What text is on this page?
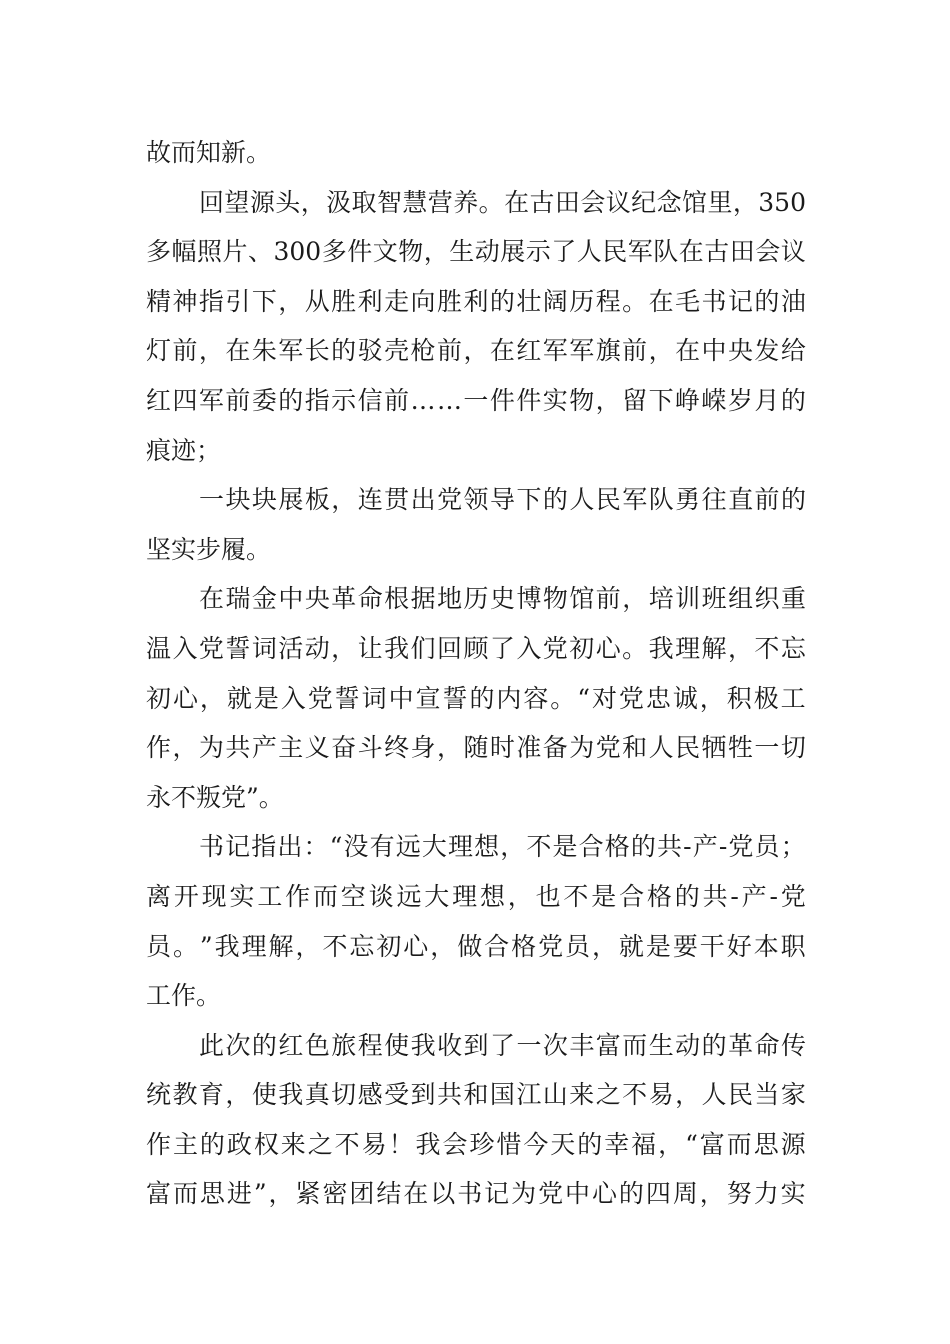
故而知新。
回 望 源 头 ， 汲 取 智 慧 营 养 。 在 古 田 会 议 纪 念 馆 里 ， 350
多 幅 照 片 、 300 多 件 文 物 ， 生 动 展 示 了 人 民 军 队 在 古 田 会 议
精 神 指 引 下 ， 从 胜 利 走 向 胜 利 的 壮 阔 历 程 。 在 毛 书 记 的 油
灯 前 ， 在 朱 军 长 的 驳 壳 枪 前 ， 在 红 军 军 旗 前 ， 在 中 央 发 给
红 四 军 前 委 的 指 示 信 前 … … 一 件 件 实 物 ， 留 下 峥 嵘 岁 月 的
痕迹；
一 块 块 展 板 ， 连 贯 出 党 领 导 下 的 人 民 军 队 勇 往 直 前 的
坚实步履。
在 瑞 金 中 央 革 命 根 据 地 历 史 博 物 馆 前 ， 培 训 班 组 织 重
温 入 党 誓 词 活 动 ， 让 我 们 回 顾 了 入 党 初 心 。 我 理 解 ， 不 忘
初 心 ， 就 是 入 党 誓 词 中 宣 誓 的 内 容 。 “ 对 党 忠 诚 ， 积 极 工
作 ， 为 共 产 主 义 奋 斗 终 身 ， 随 时 准 备 为 党 和 人 民 牺 牲 一 切
永不叛党”。
书 记 指 出 ： “ 没 有 远 大 理 想 ， 不 是 合 格 的 共 - 产 - 党 员 ；
离 开 现 实 工 作 而 空 谈 远 大 理 想 ， 也 不 是 合 格 的 共 - 产 - 党
员 。 ” 我 理 解 ， 不 忘 初 心 ， 做 合 格 党 员 ， 就 是 要 干 好 本 职
工作。
此 次 的 红 色 旅 程 使 我 收 到 了 一 次 丰 富 而 生 动 的 革 命 传
统 教 育 ， 使 我 真 切 感 受 到 共 和 国 江 山 来 之 不 易 ， 人 民 当 家
作 主 的 政 权 来 之 不 易 ！ 我 会 珍 惜 今 天 的 幸 福 ， “ 富 而 思 源
富 而 思 进 ” ， 紧 密 团 结 在 以 书 记 为 党 中 心 的 四 周 ， 努 力 实
